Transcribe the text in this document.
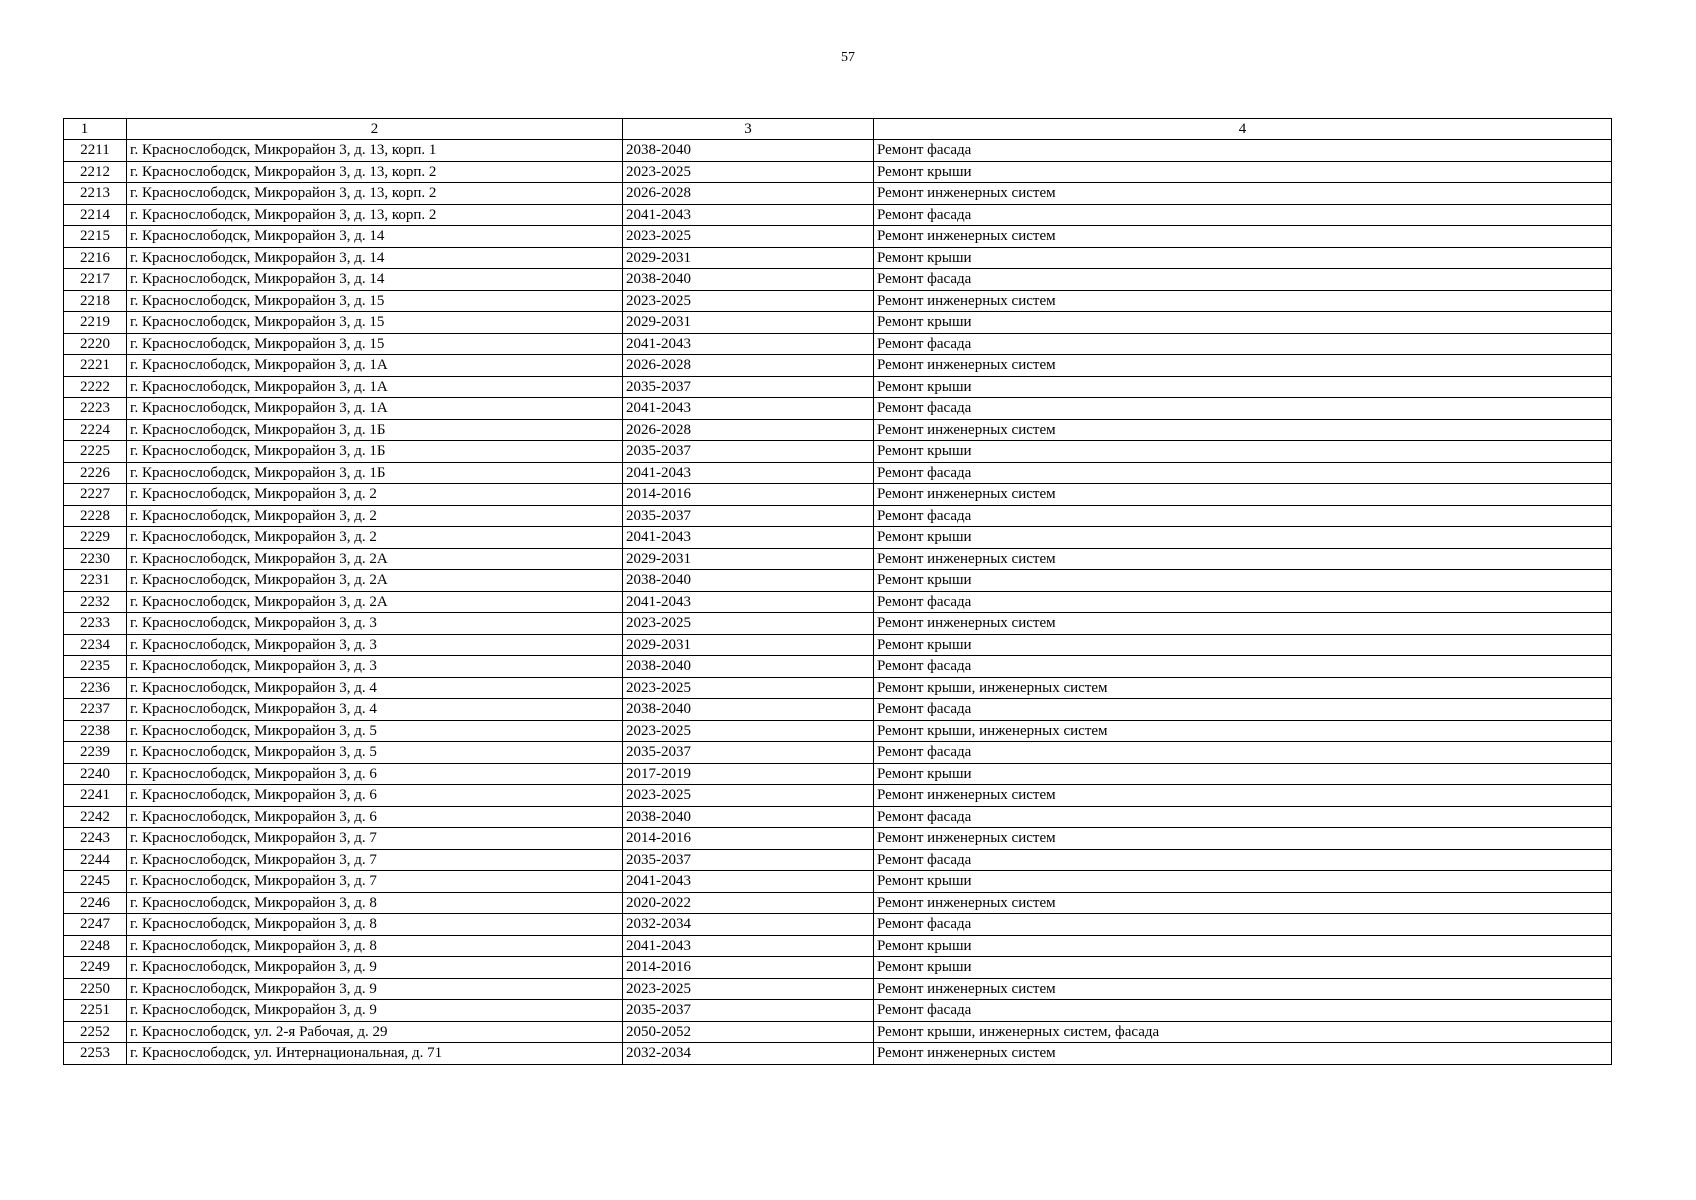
57
1	2	3	4
2211	г. Краснослободск, Микрорайон 3, д. 13, корп. 1	2038-2040	Ремонт фасада
2212	г. Краснослободск, Микрорайон 3, д. 13, корп. 2	2023-2025	Ремонт крыши
2213	г. Краснослободск, Микрорайон 3, д. 13, корп. 2	2026-2028	Ремонт инженерных систем
2214	г. Краснослободск, Микрорайон 3, д. 13, корп. 2	2041-2043	Ремонт фасада
2215	г. Краснослободск, Микрорайон 3, д. 14	2023-2025	Ремонт инженерных систем
2216	г. Краснослободск, Микрорайон 3, д. 14	2029-2031	Ремонт крыши
2217	г. Краснослободск, Микрорайон 3, д. 14	2038-2040	Ремонт фасада
2218	г. Краснослободск, Микрорайон 3, д. 15	2023-2025	Ремонт инженерных систем
2219	г. Краснослободск, Микрорайон 3, д. 15	2029-2031	Ремонт крыши
2220	г. Краснослободск, Микрорайон 3, д. 15	2041-2043	Ремонт фасада
2221	г. Краснослободск, Микрорайон 3, д. 1А	2026-2028	Ремонт инженерных систем
2222	г. Краснослободск, Микрорайон 3, д. 1А	2035-2037	Ремонт крыши
2223	г. Краснослободск, Микрорайон 3, д. 1А	2041-2043	Ремонт фасада
2224	г. Краснослободск, Микрорайон 3, д. 1Б	2026-2028	Ремонт инженерных систем
2225	г. Краснослободск, Микрорайон 3, д. 1Б	2035-2037	Ремонт крыши
2226	г. Краснослободск, Микрорайон 3, д. 1Б	2041-2043	Ремонт фасада
2227	г. Краснослободск, Микрорайон 3, д. 2	2014-2016	Ремонт инженерных систем
2228	г. Краснослободск, Микрорайон 3, д. 2	2035-2037	Ремонт фасада
2229	г. Краснослободск, Микрорайон 3, д. 2	2041-2043	Ремонт крыши
2230	г. Краснослободск, Микрорайон 3, д. 2А	2029-2031	Ремонт инженерных систем
2231	г. Краснослободск, Микрорайон 3, д. 2А	2038-2040	Ремонт крыши
2232	г. Краснослободск, Микрорайон 3, д. 2А	2041-2043	Ремонт фасада
2233	г. Краснослободск, Микрорайон 3, д. 3	2023-2025	Ремонт инженерных систем
2234	г. Краснослободск, Микрорайон 3, д. 3	2029-2031	Ремонт крыши
2235	г. Краснослободск, Микрорайон 3, д. 3	2038-2040	Ремонт фасада
2236	г. Краснослободск, Микрорайон 3, д. 4	2023-2025	Ремонт крыши, инженерных систем
2237	г. Краснослободск, Микрорайон 3, д. 4	2038-2040	Ремонт фасада
2238	г. Краснослободск, Микрорайон 3, д. 5	2023-2025	Ремонт крыши, инженерных систем
2239	г. Краснослободск, Микрорайон 3, д. 5	2035-2037	Ремонт фасада
2240	г. Краснослободск, Микрорайон 3, д. 6	2017-2019	Ремонт крыши
2241	г. Краснослободск, Микрорайон 3, д. 6	2023-2025	Ремонт инженерных систем
2242	г. Краснослободск, Микрорайон 3, д. 6	2038-2040	Ремонт фасада
2243	г. Краснослободск, Микрорайон 3, д. 7	2014-2016	Ремонт инженерных систем
2244	г. Краснослободск, Микрорайон 3, д. 7	2035-2037	Ремонт фасада
2245	г. Краснослободск, Микрорайон 3, д. 7	2041-2043	Ремонт крыши
2246	г. Краснослободск, Микрорайон 3, д. 8	2020-2022	Ремонт инженерных систем
2247	г. Краснослободск, Микрорайон 3, д. 8	2032-2034	Ремонт фасада
2248	г. Краснослободск, Микрорайон 3, д. 8	2041-2043	Ремонт крыши
2249	г. Краснослободск, Микрорайон 3, д. 9	2014-2016	Ремонт крыши
2250	г. Краснослободск, Микрорайон 3, д. 9	2023-2025	Ремонт инженерных систем
2251	г. Краснослободск, Микрорайон 3, д. 9	2035-2037	Ремонт фасада
2252	г. Краснослободск, ул. 2-я Рабочая, д. 29	2050-2052	Ремонт крыши, инженерных систем, фасада
2253	г. Краснослободск, ул. Интернациональная, д. 71	2032-2034	Ремонт инженерных систем
